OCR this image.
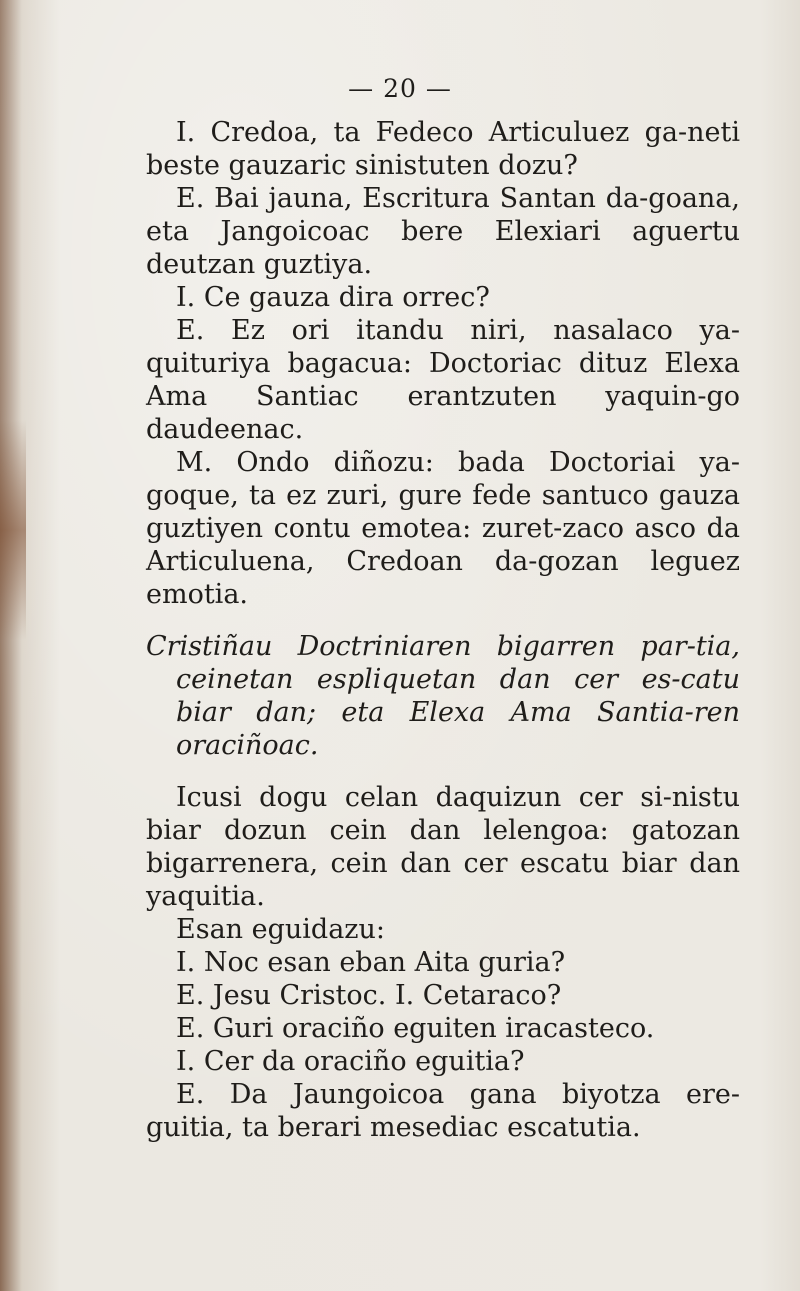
— 20 —

I. Credoa, ta Fedeco Articuluez ga-neti beste gauzaric sinistuten dozu?

E. Bai jauna, Escritura Santan da-goana, eta Jangoicoac bere Elexiari aguertu deutzan guztiya.

I. Ce gauza dira orrec?

E. Ez ori itandu niri, nasalaco ya-quituriya bagacua: Doctoriac dituz Elexa Ama Santiac erantzuten yaquin-go daudeenac.

M. Ondo diñozu: bada Doctoriai ya-goque, ta ez zuri, gure fede santuco gauza guztiyen contu emotea: zuret-zaco asco da Articuluena, Credoan da-gozan leguez emotia.

Cristiñau Doctriniaren bigarren par-tia, ceinetan espliquetan dan cer es-catu biar dan; eta Elexa Ama Santia-ren oraciñoac.

Icusi dogu celan daquizun cer si-nistu biar dozun cein dan lelengoa: gatozan bigarrenera, cein dan cer escatu biar dan yaquitia.

Esan eguidazu:

I. Noc esan eban Aita guria?

E. Jesu Cristoc. I. Cetaraco?

E. Guri oraciño eguiten iracasteco.

I. Cer da oraciño eguitia?

E. Da Jaungoicoa gana biyotza ere-guitia, ta berari mesediac escatutia.
